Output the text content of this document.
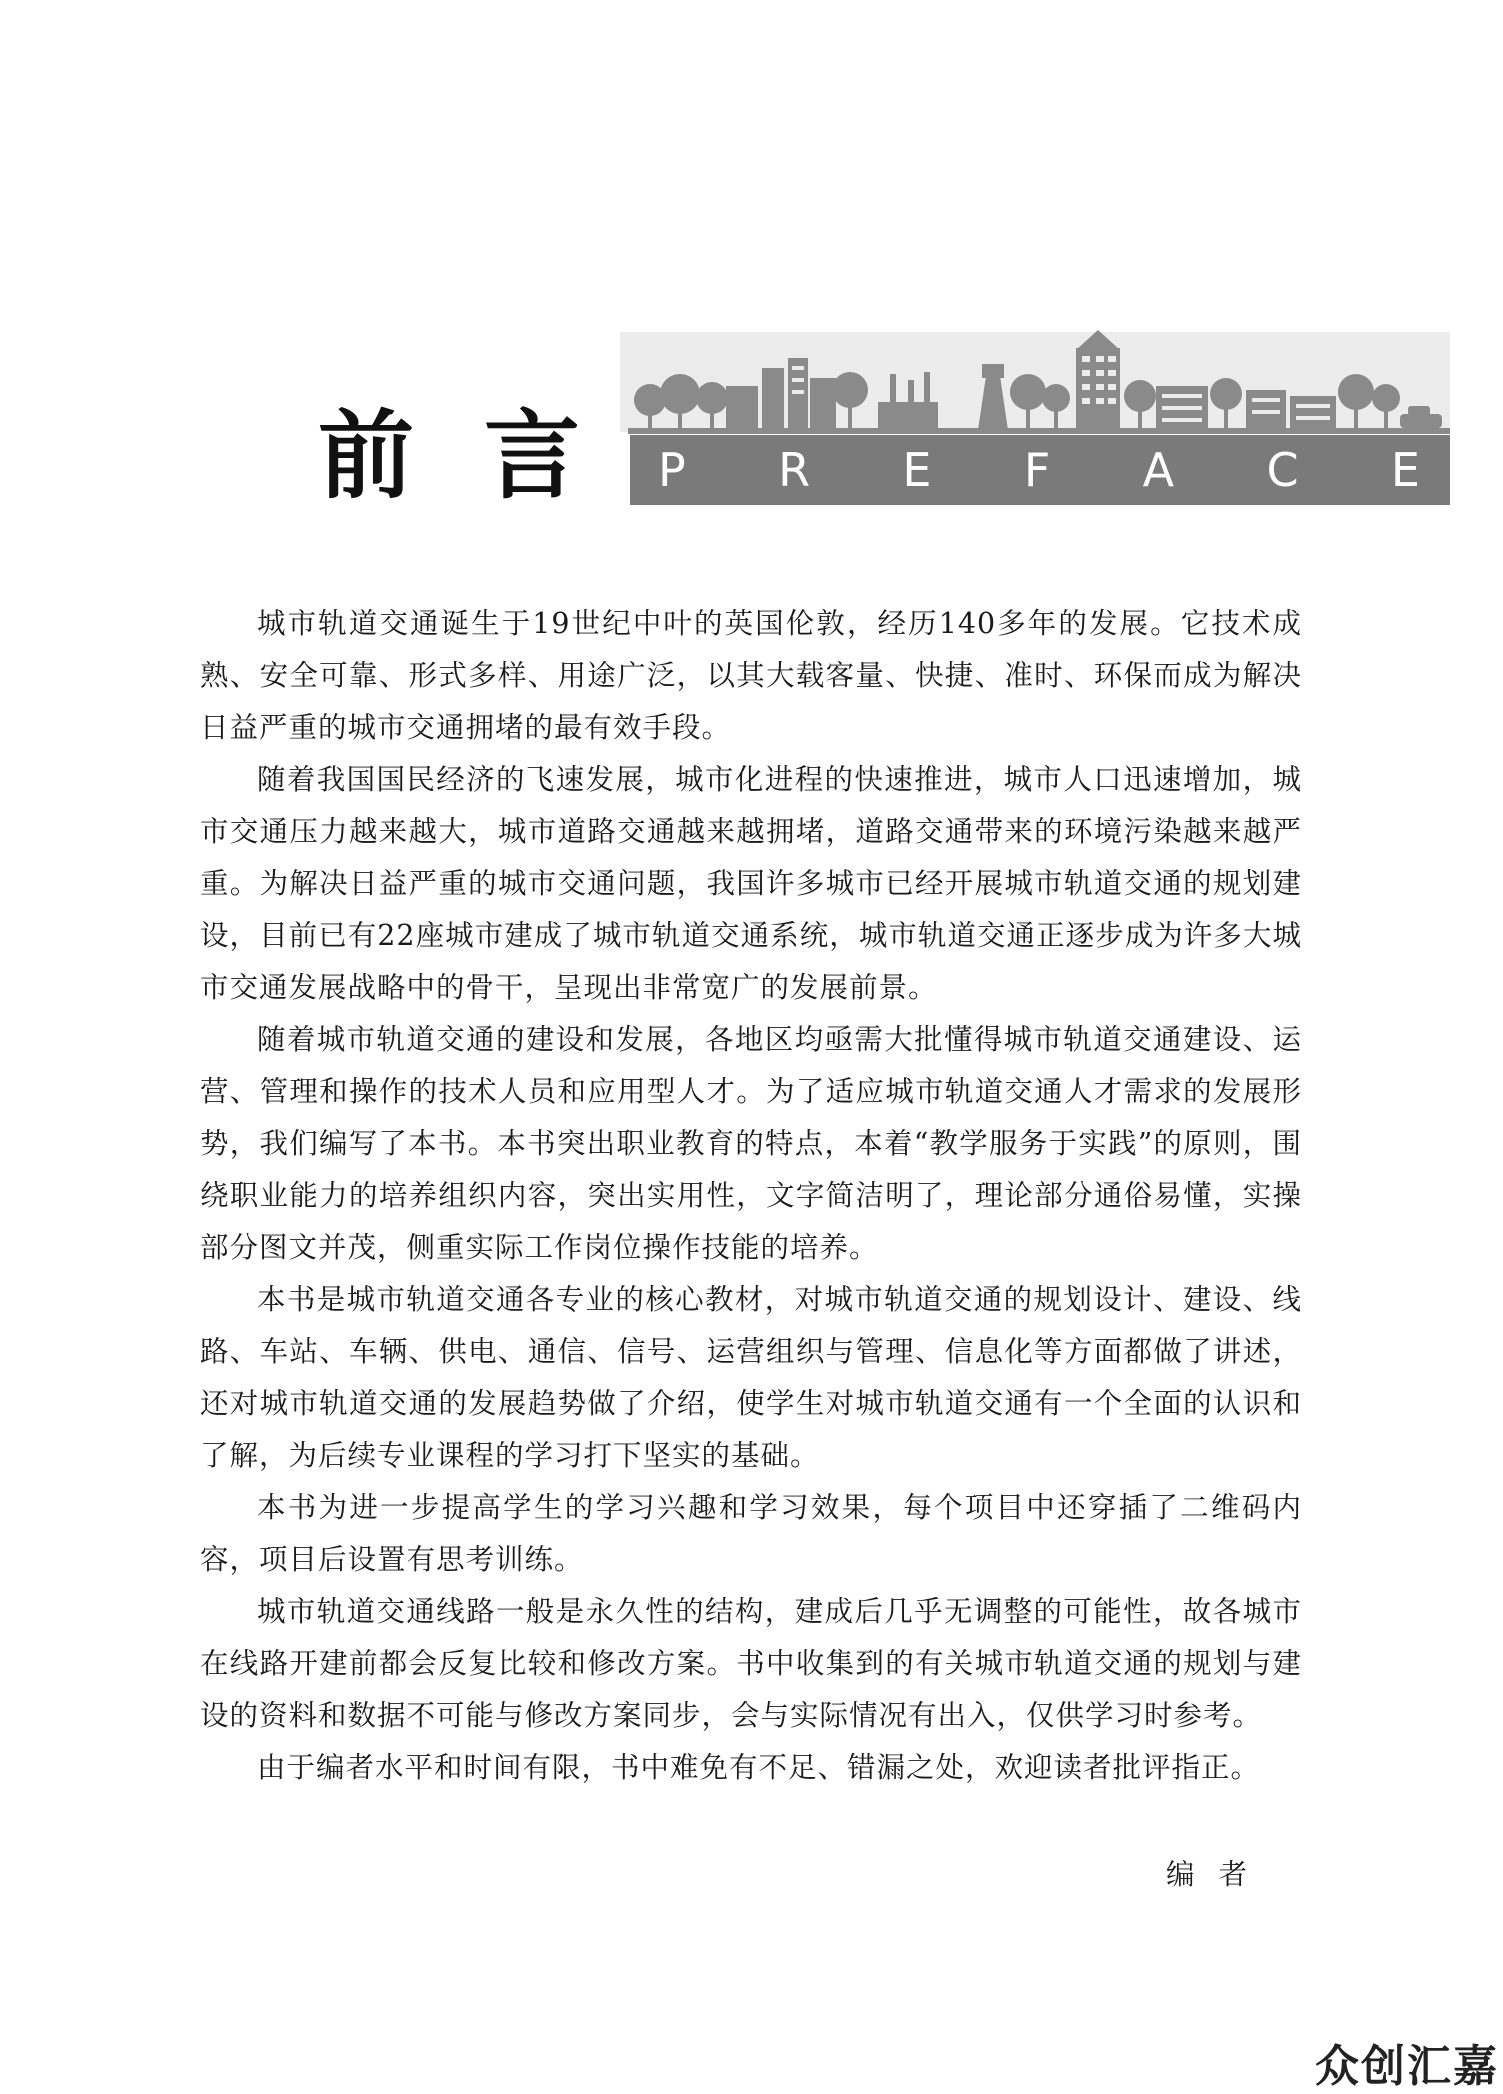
前 言 P R E F A C E

城市轨道交通诞生于19世纪中叶的英国伦敦，经历140多年的发展。它技术成熟、安全可靠、形式多样、用途广泛，以其大载客量、快捷、准时、环保而成为解决日益严重的城市交通拥堵的最有效手段。

随着我国国民经济的飞速发展，城市化进程的快速推进，城市人口迅速增加，城市交通压力越来越大，城市道路交通越来越拥堵，道路交通带来的环境污染越来越严重。为解决日益严重的城市交通问题，我国许多城市已经开展城市轨道交通的规划建设，目前已有22座城市建成了城市轨道交通系统，城市轨道交通正逐步成为许多大城市交通发展战略中的骨干，呈现出非常宽广的发展前景。

随着城市轨道交通的建设和发展，各地区均亟需大批懂得城市轨道交通建设、运营、管理和操作的技术人员和应用型人才。为了适应城市轨道交通人才需求的发展形势，我们编写了本书。本书突出职业教育的特点，本着“教学服务于实践”的原则，围绕职业能力的培养组织内容，突出实用性，文字简洁明了，理论部分通俗易懂，实操部分图文并茂，侧重实际工作岗位操作技能的培养。

本书是城市轨道交通各专业的核心教材，对城市轨道交通的规划设计、建设、线路、车站、车辆、供电、通信、信号、运营组织与管理、信息化等方面都做了讲述，还对城市轨道交通的发展趋势做了介绍，使学生对城市轨道交通有一个全面的认识和了解，为后续专业课程的学习打下坚实的基础。

本书为进一步提高学生的学习兴趣和学习效果，每个项目中还穿插了二维码内容，项目后设置有思考训练。

城市轨道交通线路一般是永久性的结构，建成后几乎无调整的可能性，故各城市在线路开建前都会反复比较和修改方案。书中收集到的有关城市轨道交通的规划与建设的资料和数据不可能与修改方案同步，会与实际情况有出入，仅供学习时参考。

由于编者水平和时间有限，书中难免有不足、错漏之处，欢迎读者批评指正。

编者
众创汇嘉
